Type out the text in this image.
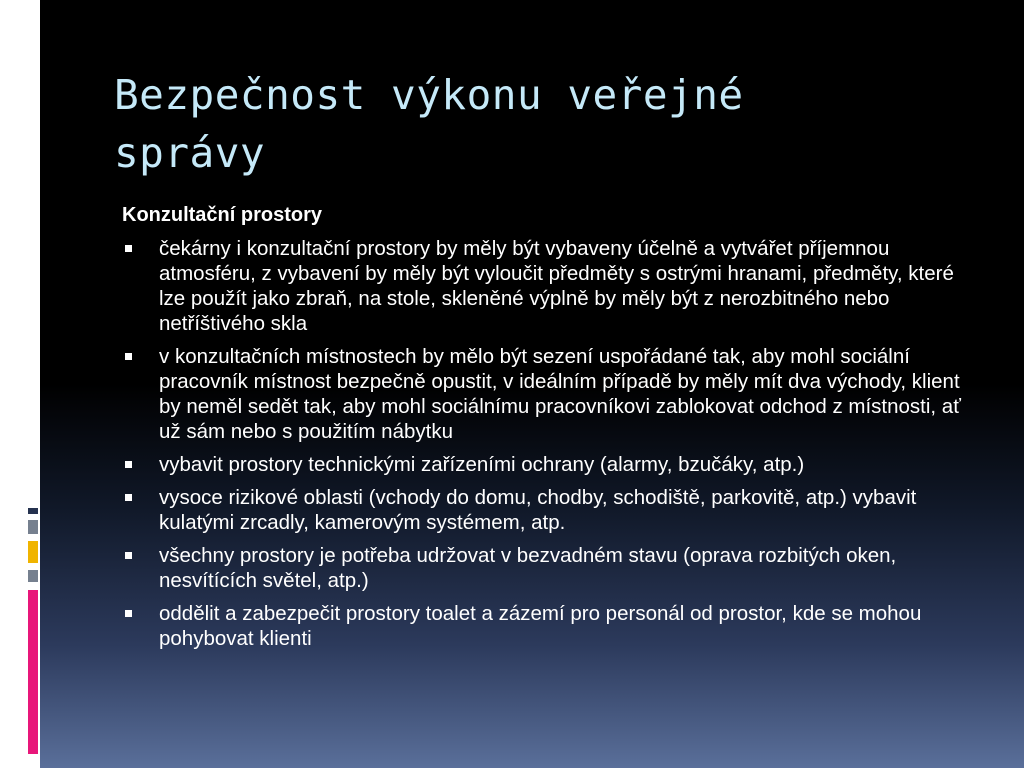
Bezpečnost výkonu veřejné správy
Konzultační prostory
čekárny i konzultační prostory by měly být vybaveny účelně a vytvářet příjemnou atmosféru, z vybavení by měly být vyloučit předměty s ostrými hranami, předměty, které lze použít jako zbraň, na stole, skleněné výplně by měly být z nerozbitného nebo netříštivého skla
v konzultačních místnostech by mělo být sezení uspořádané tak, aby mohl sociální pracovník místnost bezpečně opustit, v ideálním případě by měly mít dva východy, klient by neměl sedět tak, aby mohl sociálnímu pracovníkovi zablokovat odchod z místnosti, ať už sám nebo s použitím nábytku
vybavit prostory technickými zařízeními ochrany (alarmy, bzučáky, atp.)
vysoce rizikové oblasti (vchody do domu, chodby, schodiště, parkovitě, atp.) vybavit kulatými zrcadly, kamerovým systémem, atp.
všechny prostory je potřeba udržovat v bezvadném stavu (oprava rozbitých oken, nesvítících světel, atp.)
oddělit a zabezpečit prostory toalet a zázemí pro personál od prostor, kde se mohou pohybovat klienti
